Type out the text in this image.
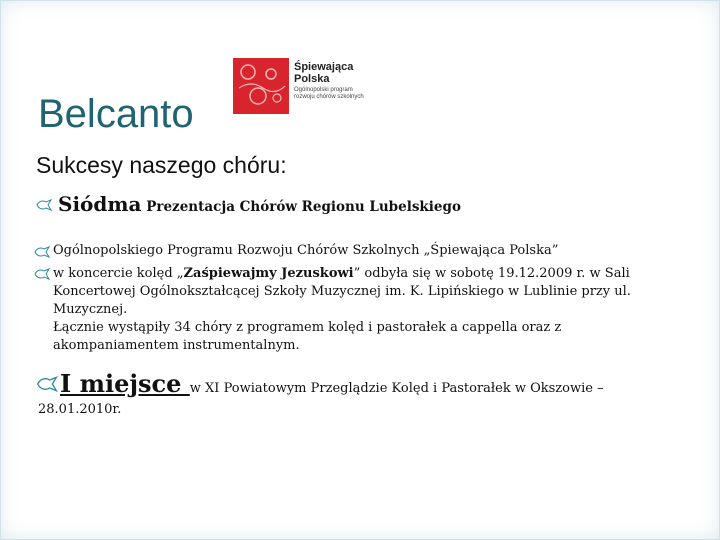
Belcanto
Śpiewająca
Polska
Ogólnopolski program
rozwoju chórów szkolnych
Sukcesy naszego chóru:
Siódma Prezentacja Chórów Regionu Lubelskiego
Ogólnopolskiego Programu Rozwoju Chórów Szkolnych „Śpiewająca Polska”
w koncercie kolęd „Zaśpiewajmy Jezuskowi” odbyła się w sobotę 19.12.2009 r. w Sali Koncertowej Ogólnokształcącej Szkoły Muzycznej im. K. Lipińskiego w Lublinie przy ul. Muzycznej.
Łącznie wystąpiły 34 chóry z programem kolęd i pastorałek a cappella oraz z akompaniamentem instrumentalnym.
I miejsce w XI Powiatowym Przeglądzie Kolęd i Pastorałek w Okszowie –
28.01.2010r.
